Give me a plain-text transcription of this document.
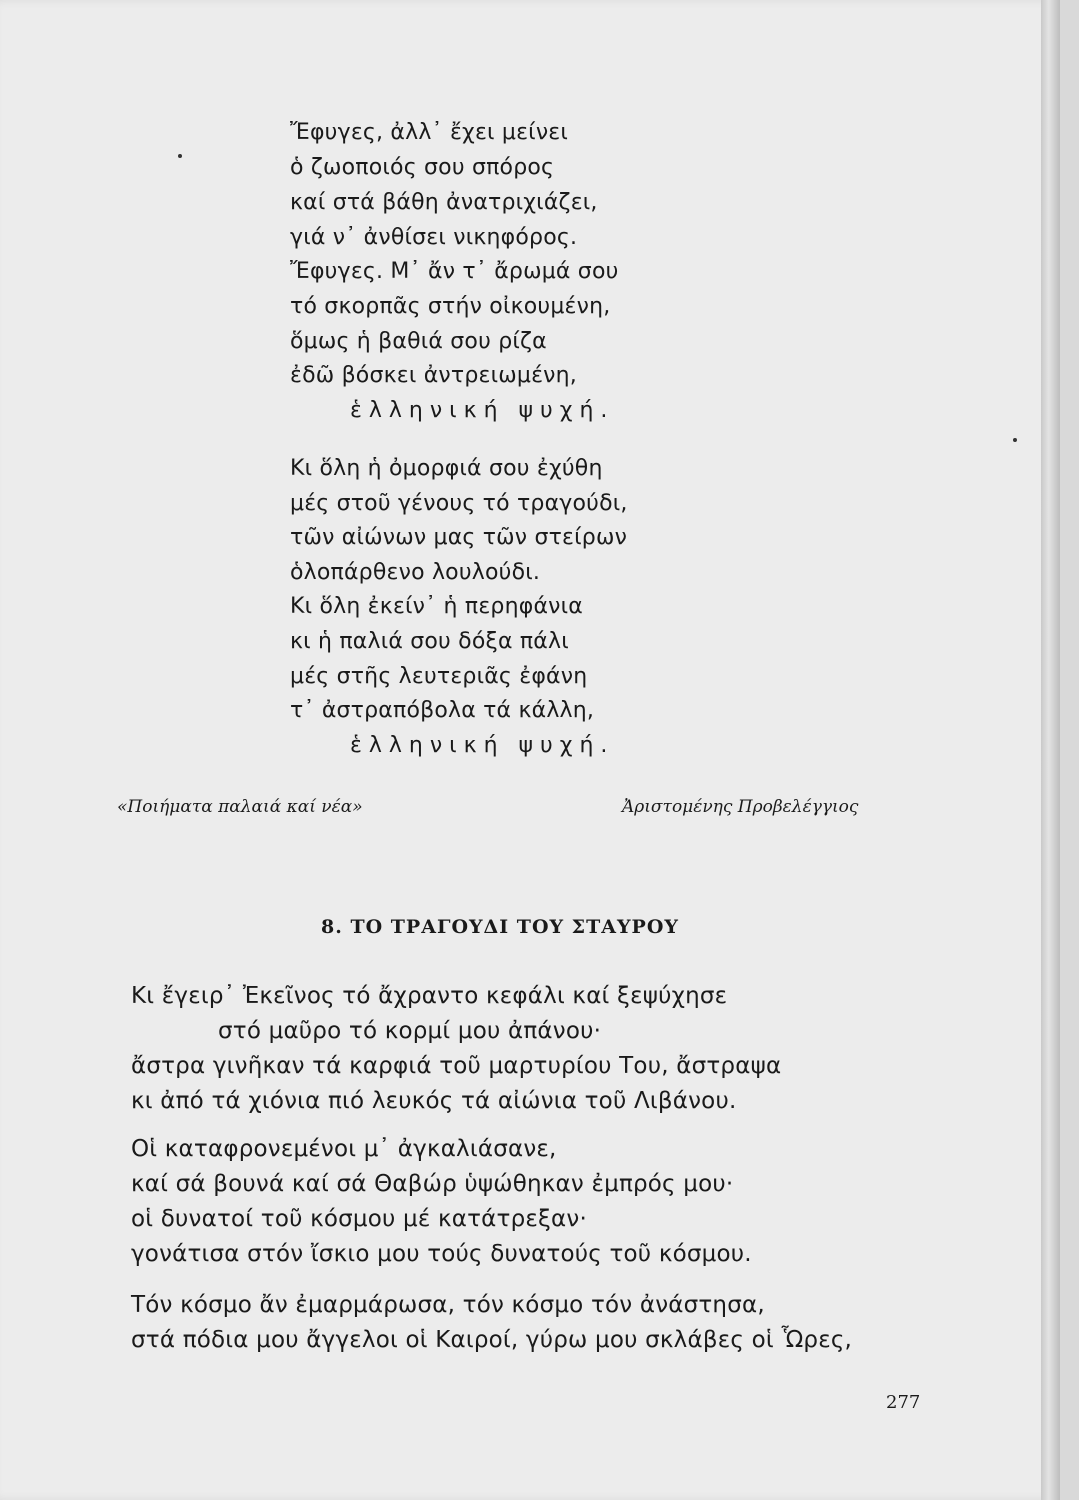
Ἔφυγες, ἀλλ᾽ ἔχει μείνει
ὁ ζωοποιός σου σπόρος
καί στά βάθη ἀνατριχιάζει,
γιά ν᾽ ἀνθίσει νικηφόρος.
Ἔφυγες. Μ᾽ ἄν τ᾽ ἄρωμά σου
τό σκορπᾶς στήν οἰκουμένη,
ὅμως ἡ βαθιά σου ρίζα
ἐδῶ βόσκει ἀντρειωμένη,
ἑλληνική ψυχή.
Κι ὅλη ἡ ὀμορφιά σου ἐχύθη
μές στοῦ γένους τό τραγούδι,
τῶν αἰώνων μας τῶν στείρων
ὁλοπάρθενο λουλούδι.
Κι ὅλη ἐκείν᾽ ἡ περηφάνια
κι ἡ παλιά σου δόξα πάλι
μές στῆς λευτεριᾶς ἐφάνη
τ᾽ ἀστραπόβολα τά κάλλη,
ἑλληνική ψυχή.
«Ποιήματα παλαιά καί νέα»	Ἀριστομένης Προβελέγγιος
8. ΤΟ ΤΡΑΓΟΥΔΙ ΤΟΥ ΣΤΑΥΡΟΥ
Κι ἔγειρ᾽ Ἐκεῖνος τό ἄχραντο κεφάλι καί ξεψύχησε
στό μαῦρο τό κορμί μου ἀπάνου·
ἄστρα γινῆκαν τά καρφιά τοῦ μαρτυρίου Του, ἄστραψα
κι ἀπό τά χιόνια πιό λευκός τά αἰώνια τοῦ Λιβάνου.
Οἱ καταφρονεμένοι μ᾽ ἀγκαλιάσανε,
καί σά βουνά καί σά Θαβώρ ὑψώθηκαν ἐμπρός μου·
οἱ δυνατοί τοῦ κόσμου μέ κατάτρεξαν·
γονάτισα στόν ἴσκιο μου τούς δυνατούς τοῦ κόσμου.
Τόν κόσμο ἄν ἐμαρμάρωσα, τόν κόσμο τόν ἀνάστησα,
στά πόδια μου ἄγγελοι οἱ Καιροί, γύρω μου σκλάβες οἱ Ὧρες,
277
